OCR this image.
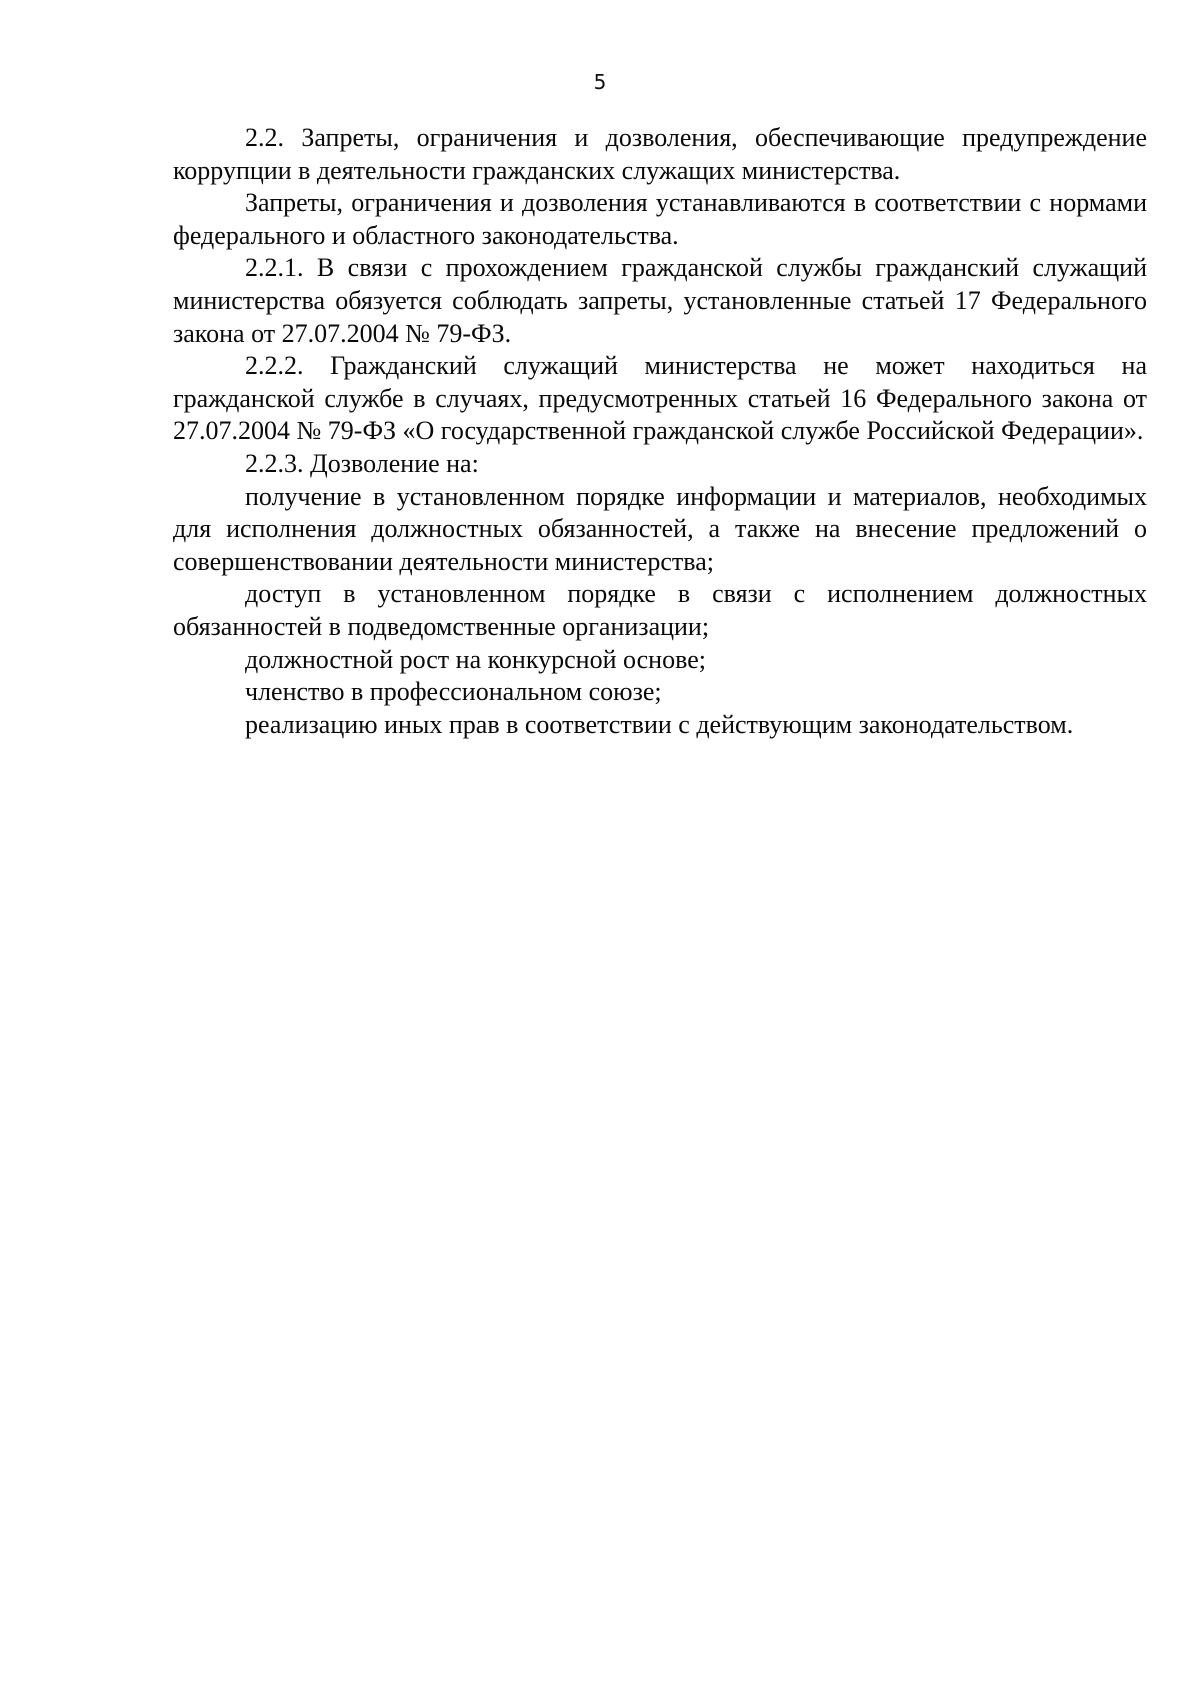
5

2.2. Запреты, ограничения и дозволения, обеспечивающие предупреждение коррупции в деятельности гражданских служащих министерства.

Запреты, ограничения и дозволения устанавливаются в соответствии с нормами федерального и областного законодательства.

2.2.1. В связи с прохождением гражданской службы гражданский служащий министерства обязуется соблюдать запреты, установленные статьей 17 Федерального закона от 27.07.2004 № 79-ФЗ.

2.2.2. Гражданский служащий министерства не может находиться на гражданской службе в случаях, предусмотренных статьей 16 Федерального закона от 27.07.2004 № 79-ФЗ «О государственной гражданской службе Российской Федерации».

2.2.3. Дозволение на:

получение в установленном порядке информации и материалов, необходимых для исполнения должностных обязанностей, а также на внесение предложений о совершенствовании деятельности министерства;

доступ в установленном порядке в связи с исполнением должностных обязанностей в подведомственные организации;

должностной рост на конкурсной основе;

членство в профессиональном союзе;

реализацию иных прав в соответствии с действующим законодательством.
